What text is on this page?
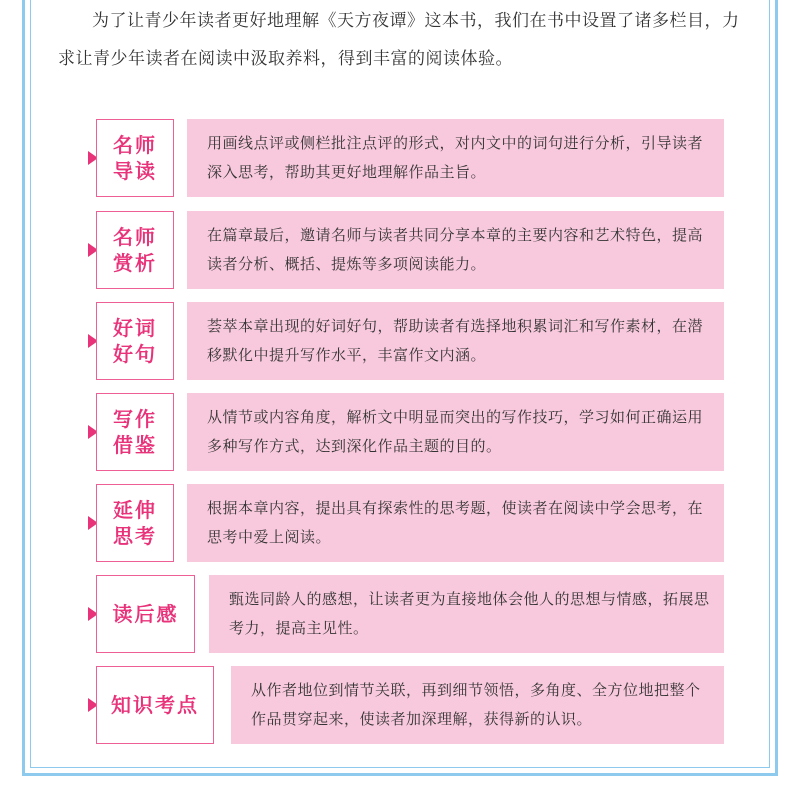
为了让青少年读者更好地理解《天方夜谭》这本书，我们在书中设置了诸多栏目，力求让青少年读者在阅读中汲取养料，得到丰富的阅读体验。

名师
导读
用画线点评或侧栏批注点评的形式，对内文中的词句进行分析，引导读者深入思考，帮助其更好地理解作品主旨。
名师
赏析
在篇章最后，邀请名师与读者共同分享本章的主要内容和艺术特色，提高读者分析、概括、提炼等多项阅读能力。
好词
好句
荟萃本章出现的好词好句，帮助读者有选择地积累词汇和写作素材，在潜移默化中提升写作水平，丰富作文内涵。
写作
借鉴
从情节或内容角度，解析文中明显而突出的写作技巧，学习如何正确运用多种写作方式，达到深化作品主题的目的。
延伸
思考
根据本章内容，提出具有探索性的思考题，使读者在阅读中学会思考，在思考中爱上阅读。
读后感
甄选同龄人的感想，让读者更为直接地体会他人的思想与情感，拓展思考力，提高主见性。
知识考点
从作者地位到情节关联，再到细节领悟，多角度、全方位地把整个作品贯穿起来，使读者加深理解，获得新的认识。
